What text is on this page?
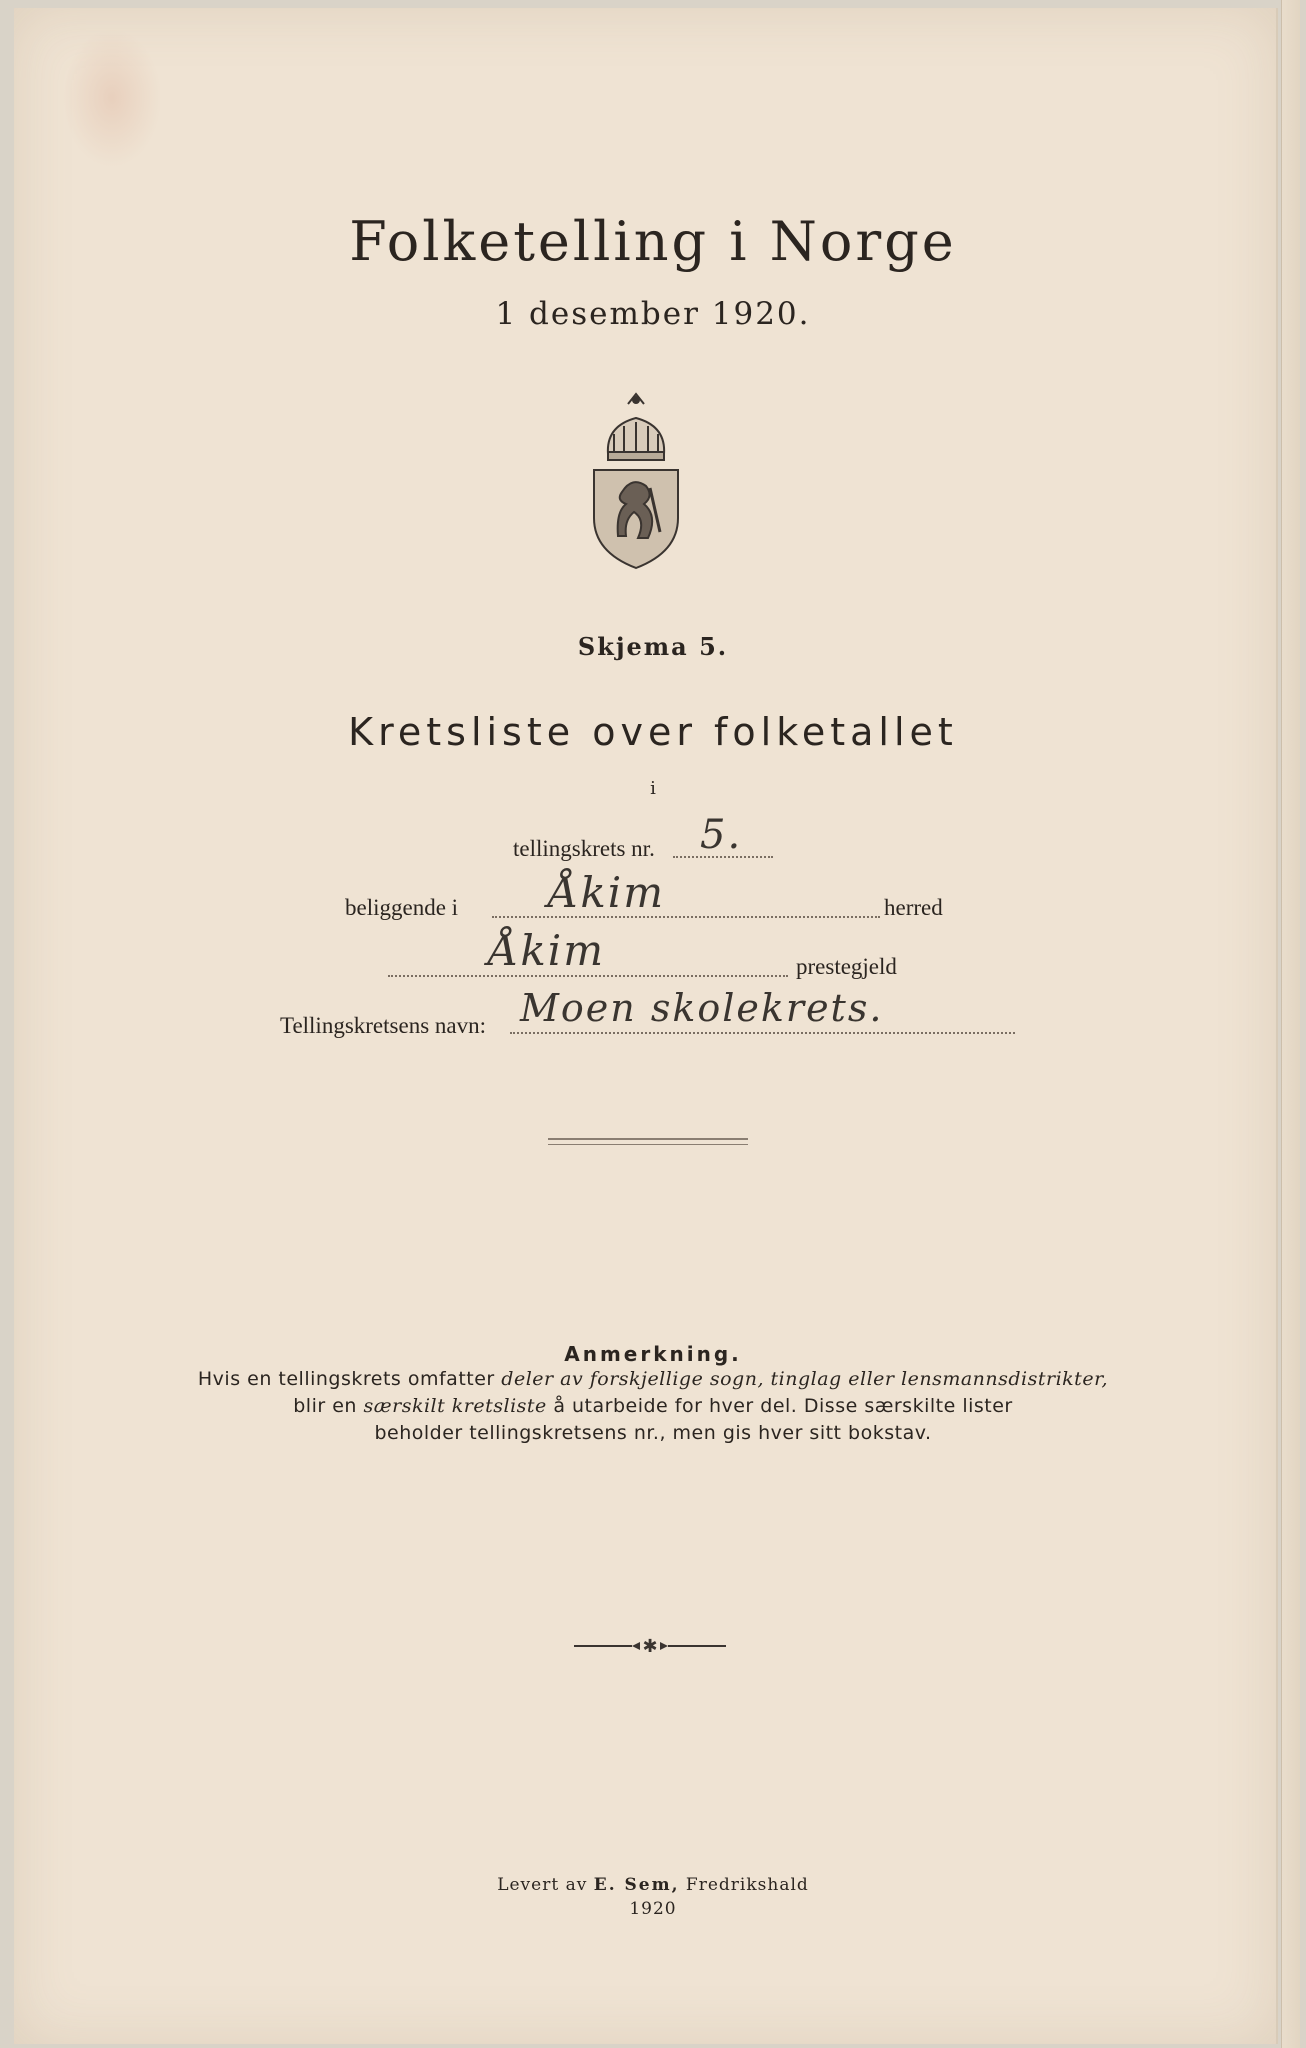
Folketelling i Norge
1 desember 1920.
Skjema 5.
Kretsliste over folketallet
i
tellingskrets nr. 5.
beliggende i Åkim	herred
Åkim	prestegjeld
Tellingskretsens navn: Moen skolekrets.
Anmerkning.
Hvis en tellingskrets omfatter deler av forskjellige sogn, tinglag eller lensmannsdistrikter,
blir en særskilt kretsliste å utarbeide for hver del. Disse særskilte lister
beholder tellingskretsens nr., men gis hver sitt bokstav.
✱
Levert av E. Sem, Fredrikshald
1920
